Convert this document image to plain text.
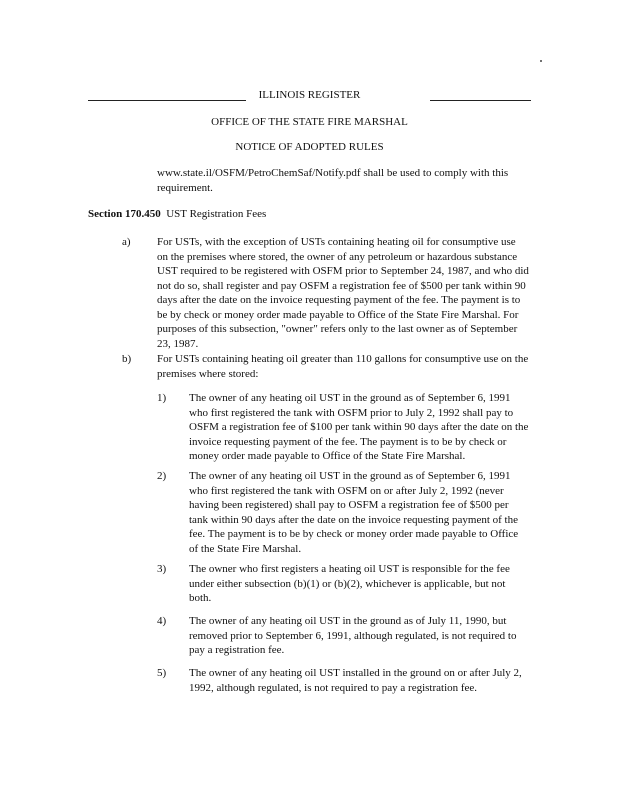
ILLINOIS REGISTER
OFFICE OF THE STATE FIRE MARSHAL
NOTICE OF ADOPTED RULES
www.state.il/OSFM/PetroChemSaf/Notify.pdf shall be used to comply with this requirement.
Section 170.450 UST Registration Fees
a) For USTs, with the exception of USTs containing heating oil for consumptive use on the premises where stored, the owner of any petroleum or hazardous substance UST required to be registered with OSFM prior to September 24, 1987, and who did not do so, shall register and pay OSFM a registration fee of $500 per tank within 90 days after the date on the invoice requesting payment of the fee. The payment is to be by check or money order made payable to Office of the State Fire Marshal. For purposes of this subsection, "owner" refers only to the last owner as of September 23, 1987.
b) For USTs containing heating oil greater than 110 gallons for consumptive use on the premises where stored:
1) The owner of any heating oil UST in the ground as of September 6, 1991 who first registered the tank with OSFM prior to July 2, 1992 shall pay to OSFM a registration fee of $100 per tank within 90 days after the date on the invoice requesting payment of the fee. The payment is to be by check or money order made payable to Office of the State Fire Marshal.
2) The owner of any heating oil UST in the ground as of September 6, 1991 who first registered the tank with OSFM on or after July 2, 1992 (never having been registered) shall pay to OSFM a registration fee of $500 per tank within 90 days after the date on the invoice requesting payment of the fee. The payment is to be by check or money order made payable to Office of the State Fire Marshal.
3) The owner who first registers a heating oil UST is responsible for the fee under either subsection (b)(1) or (b)(2), whichever is applicable, but not both.
4) The owner of any heating oil UST in the ground as of July 11, 1990, but removed prior to September 6, 1991, although regulated, is not required to pay a registration fee.
5) The owner of any heating oil UST installed in the ground on or after July 2, 1992, although regulated, is not required to pay a registration fee.
